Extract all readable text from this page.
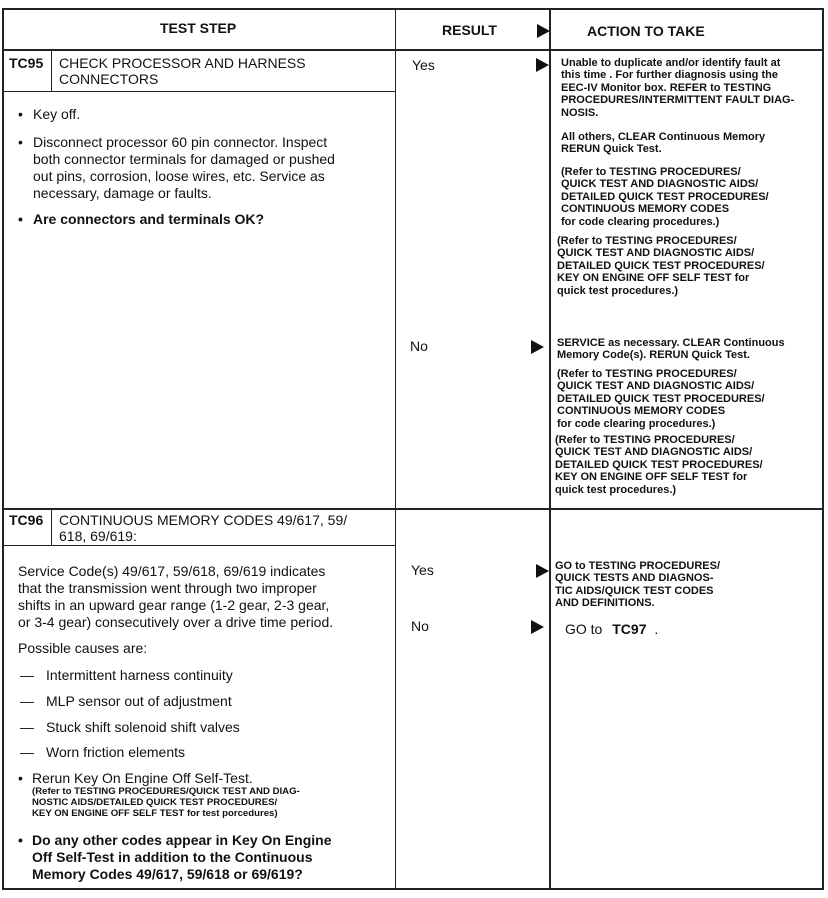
TEST STEP	RESULT	ACTION TO TAKE
TC95 CHECK PROCESSOR AND HARNESS
CONNECTORS
• Key off.
• Disconnect processor 60 pin connector. Inspect
both connector terminals for damaged or pushed
out pins, corrosion, loose wires, etc. Service as
necessary, damage or faults.
• Are connectors and terminals OK?
Yes
No
Unable to duplicate and/or identify fault at
this time . For further diagnosis using the
EEC-IV Monitor box. REFER to TESTING
PROCEDURES/INTERMITTENT FAULT DIAG-
NOSIS.
All others, CLEAR Continuous Memory
RERUN Quick Test.
(Refer to TESTING PROCEDURES/
QUICK TEST AND DIAGNOSTIC AIDS/
DETAILED QUICK TEST PROCEDURES/
CONTINUOUS MEMORY CODES
for code clearing procedures.)
(Refer to TESTING PROCEDURES/
QUICK TEST AND DIAGNOSTIC AIDS/
DETAILED QUICK TEST PROCEDURES/
KEY ON ENGINE OFF SELF TEST for
quick test procedures.)
SERVICE as necessary. CLEAR Continuous
Memory Code(s). RERUN Quick Test.
(Refer to TESTING PROCEDURES/
QUICK TEST AND DIAGNOSTIC AIDS/
DETAILED QUICK TEST PROCEDURES/
CONTINUOUS MEMORY CODES
for code clearing procedures.)
(Refer to TESTING PROCEDURES/
QUICK TEST AND DIAGNOSTIC AIDS/
DETAILED QUICK TEST PROCEDURES/
KEY ON ENGINE OFF SELF TEST for
quick test procedures.)
TC96 CONTINUOUS MEMORY CODES 49/617, 59/
618, 69/619:
Service Code(s) 49/617, 59/618, 69/619 indicates
that the transmission went through two improper
shifts in an upward gear range (1-2 gear, 2-3 gear,
or 3-4 gear) consecutively over a drive time period.
Possible causes are:
— Intermittent harness continuity
— MLP sensor out of adjustment
— Stuck shift solenoid shift valves
— Worn friction elements
• Rerun Key On Engine Off Self-Test.
(Refer to TESTING PROCEDURES/QUICK TEST AND DIAG-
NOSTIC AIDS/DETAILED QUICK TEST PROCEDURES/
KEY ON ENGINE OFF SELF TEST for test porcedures)
• Do any other codes appear in Key On Engine
Off Self-Test in addition to the Continuous
Memory Codes 49/617, 59/618 or 69/619?
Yes
No
GO to TESTING PROCEDURES/
QUICK TESTS AND DIAGNOS-
TIC AIDS/QUICK TEST CODES
AND DEFINITIONS.
GO to TC97 .
